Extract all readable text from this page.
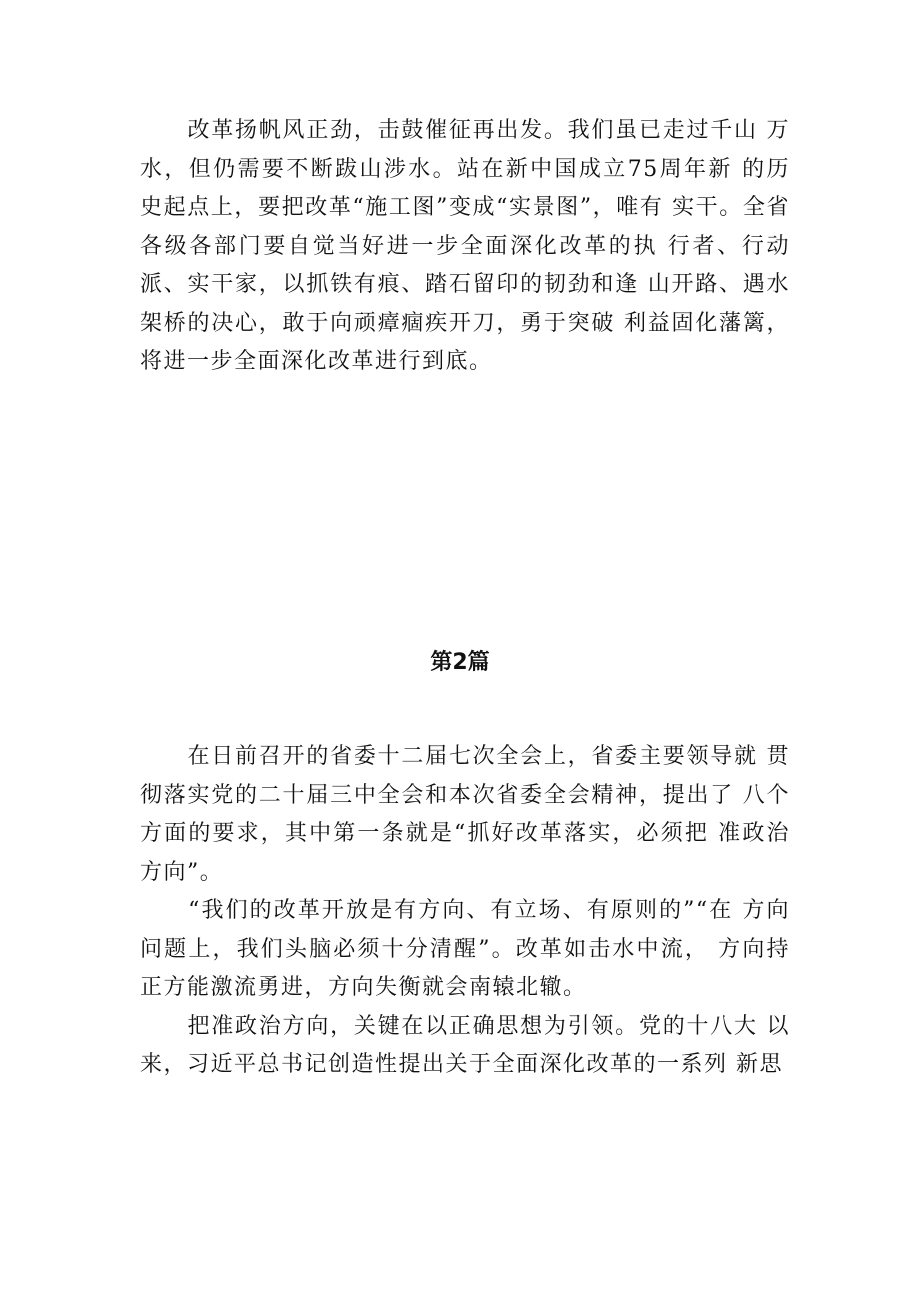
　　改革扬帆风正劲，击鼓催征再出发。我们虽已走过千山 万水，但仍需要不断跋山涉水。站在新中国成立75周年新 的历史起点上，要把改革“施工图”变成“实景图”，唯有 实干。全省各级各部门要自觉当好进一步全面深化改革的执 行者、行动派、实干家，以抓铁有痕、踏石留印的韧劲和逢 山开路、遇水架桥的决心，敢于向顽瘴痼疾开刀，勇于突破 利益固化藩篱，将进一步全面深化改革进行到底。

第2篇

　　在日前召开的省委十二届七次全会上，省委主要领导就 贯彻落实党的二十届三中全会和本次省委全会精神，提出了 八个方面的要求，其中第一条就是“抓好改革落实，必须把 准政治方向”。

　　“我们的改革开放是有方向、有立场、有原则的”“在 方向问题上，我们头脑必须十分清醒”。改革如击水中流， 方向持正方能激流勇进，方向失衡就会南辕北辙。

　　把准政治方向，关键在以正确思想为引领。党的十八大 以来，习近平总书记创造性提出关于全面深化改革的一系列 新思
